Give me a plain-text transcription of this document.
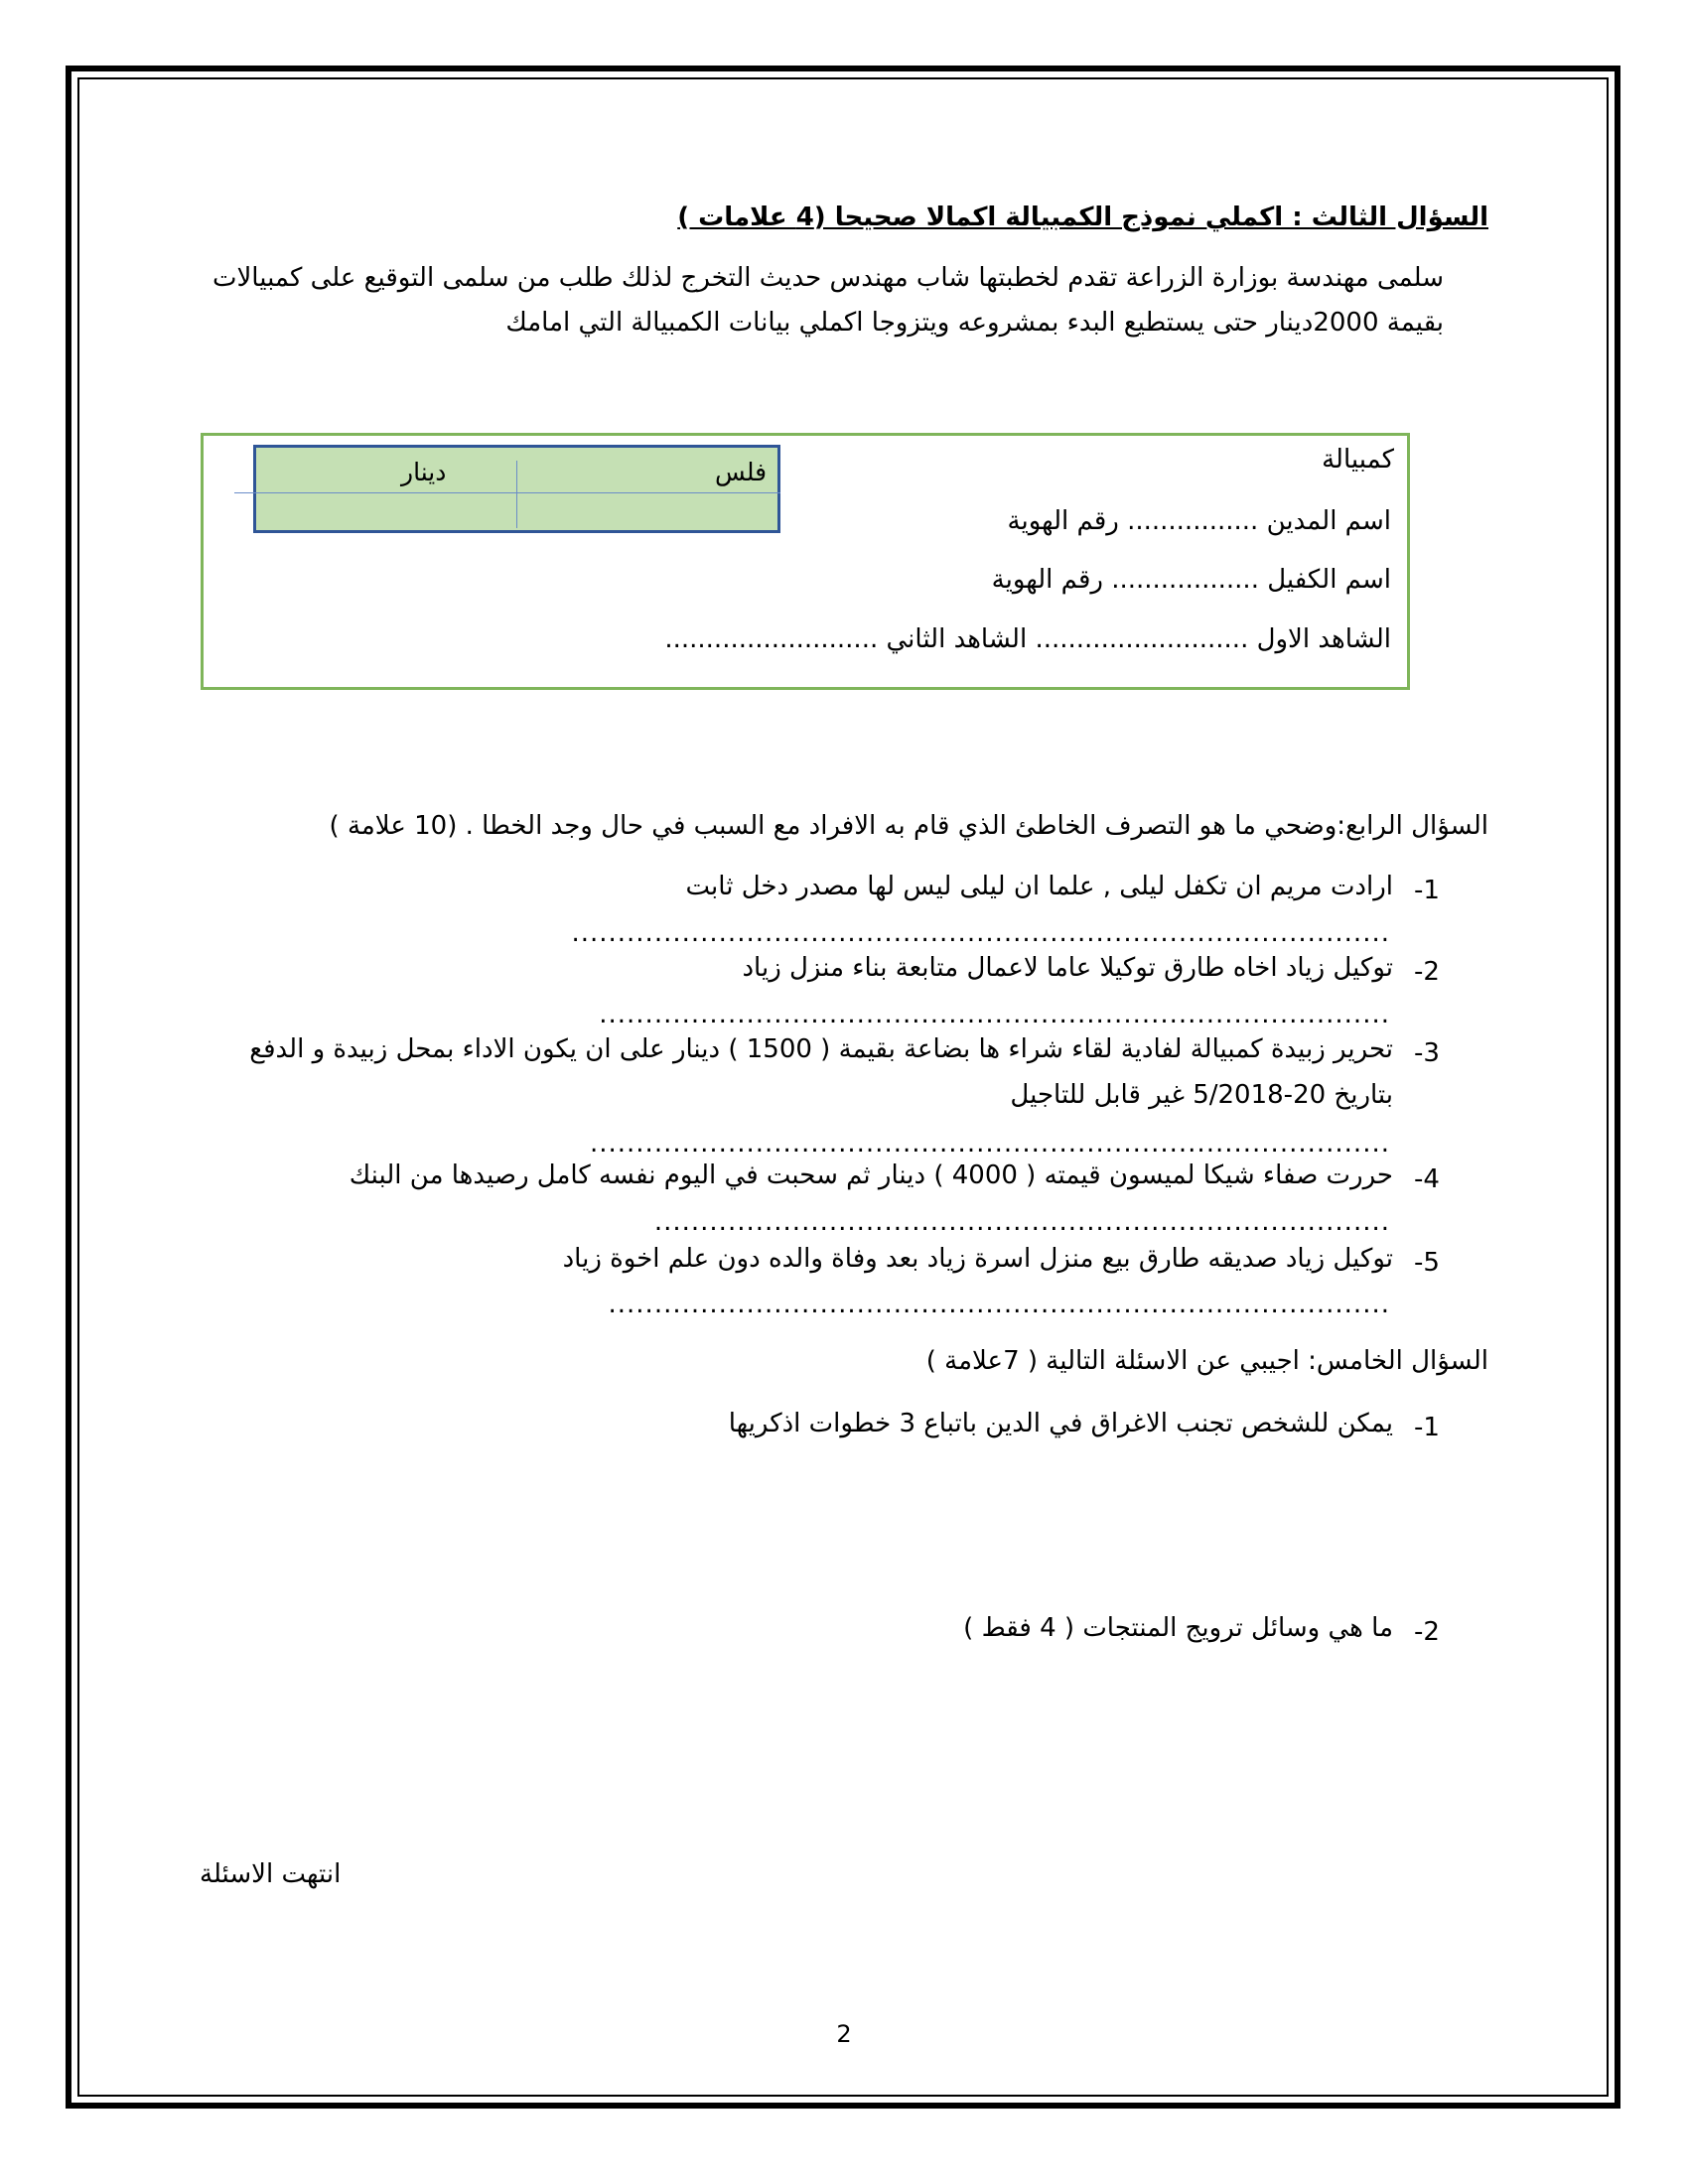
السؤال الثالث : اكملي نموذج الكمبيالة اكمالا صحيحا (4 علامات )
سلمى مهندسة بوزارة الزراعة تقدم لخطبتها شاب مهندس حديث التخرج لذلك طلب من سلمى التوقيع على كمبيالات
بقيمة 2000دينار حتى يستطيع البدء بمشروعه ويتزوجا اكملي بيانات الكمبيالة التي امامك
فلس
دينار	كمبيالة
اسم المدين ................ رقم الهوية
اسم الكفيل .................. رقم الهوية
الشاهد الاول .......................... الشاهد الثاني ..........................
السؤال الرابع:وضحي ما هو التصرف الخاطئ الذي قام به الافراد مع السبب في حال وجد الخطا . (10 علامة )
-1
ارادت مريم ان تكفل ليلى , علما ان ليلى ليس لها مصدر دخل ثابت
.........................................................................................
-2
توكيل زياد اخاه طارق توكيلا عاما لاعمال متابعة بناء منزل زياد
......................................................................................
-3
تحرير زبيدة كمبيالة لفادية لقاء شراء ها بضاعة بقيمة ( 1500 ) دينار على ان يكون الاداء بمحل زبيدة و الدفع
بتاريخ 20-5/2018 غير قابل للتاجيل
.......................................................................................
-4
حررت صفاء شيكا لميسون قيمته ( 4000 ) دينار ثم سحبت في اليوم نفسه كامل رصيدها من البنك
................................................................................
-5
توكيل زياد صديقه طارق بيع منزل اسرة زياد بعد وفاة والده دون علم اخوة زياد
.....................................................................................
السؤال الخامس: اجيبي عن الاسئلة التالية ( 7علامة )
-1
يمكن للشخص تجنب الاغراق في الدين باتباع 3 خطوات اذكريها
-2
ما هي وسائل ترويج المنتجات ( 4 فقط )
انتهت الاسئلة
2
